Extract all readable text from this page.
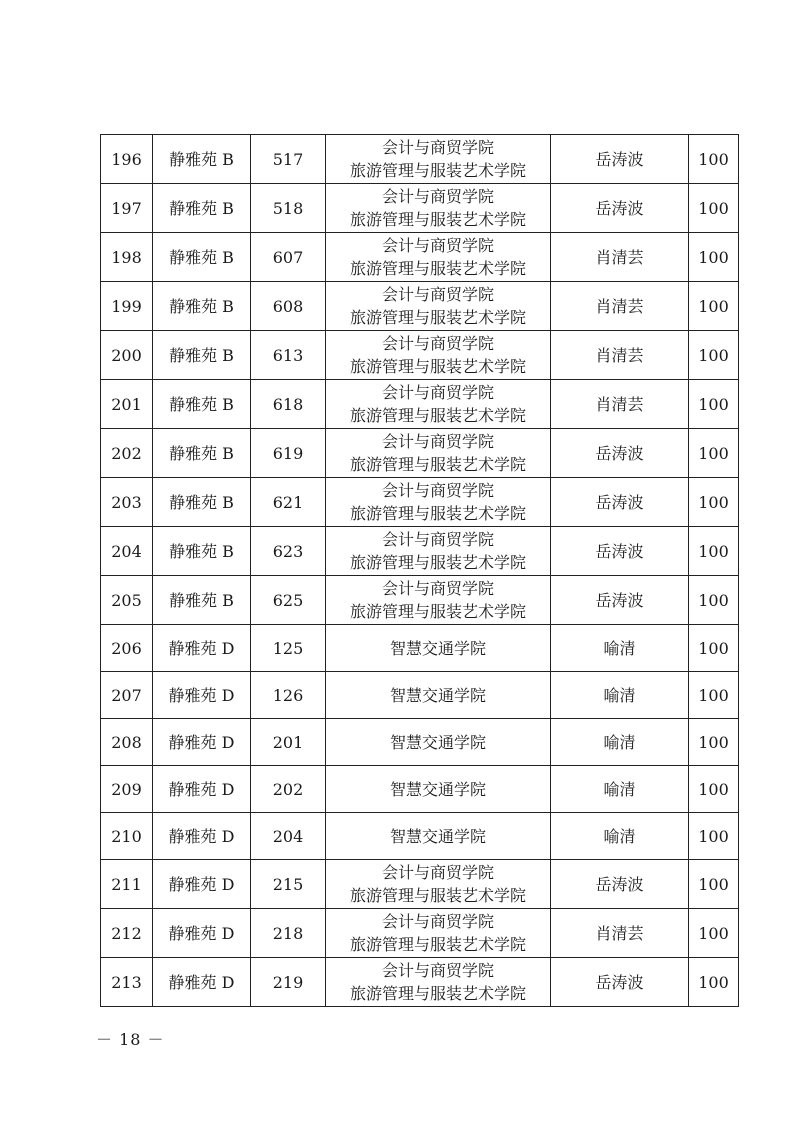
196	静雅苑 B	517	会计与商贸学院
旅游管理与服装艺术学院	岳涛波	100
197	静雅苑 B	518	会计与商贸学院
旅游管理与服装艺术学院	岳涛波	100
198	静雅苑 B	607	会计与商贸学院
旅游管理与服装艺术学院	肖清芸	100
199	静雅苑 B	608	会计与商贸学院
旅游管理与服装艺术学院	肖清芸	100
200	静雅苑 B	613	会计与商贸学院
旅游管理与服装艺术学院	肖清芸	100
201	静雅苑 B	618	会计与商贸学院
旅游管理与服装艺术学院	肖清芸	100
202	静雅苑 B	619	会计与商贸学院
旅游管理与服装艺术学院	岳涛波	100
203	静雅苑 B	621	会计与商贸学院
旅游管理与服装艺术学院	岳涛波	100
204	静雅苑 B	623	会计与商贸学院
旅游管理与服装艺术学院	岳涛波	100
205	静雅苑 B	625	会计与商贸学院
旅游管理与服装艺术学院	岳涛波	100
206	静雅苑 D	125	智慧交通学院	喻清	100
207	静雅苑 D	126	智慧交通学院	喻清	100
208	静雅苑 D	201	智慧交通学院	喻清	100
209	静雅苑 D	202	智慧交通学院	喻清	100
210	静雅苑 D	204	智慧交通学院	喻清	100
211	静雅苑 D	215	会计与商贸学院
旅游管理与服装艺术学院	岳涛波	100
212	静雅苑 D	218	会计与商贸学院
旅游管理与服装艺术学院	肖清芸	100
213	静雅苑 D	219	会计与商贸学院
旅游管理与服装艺术学院	岳涛波	100
－ 18 －
